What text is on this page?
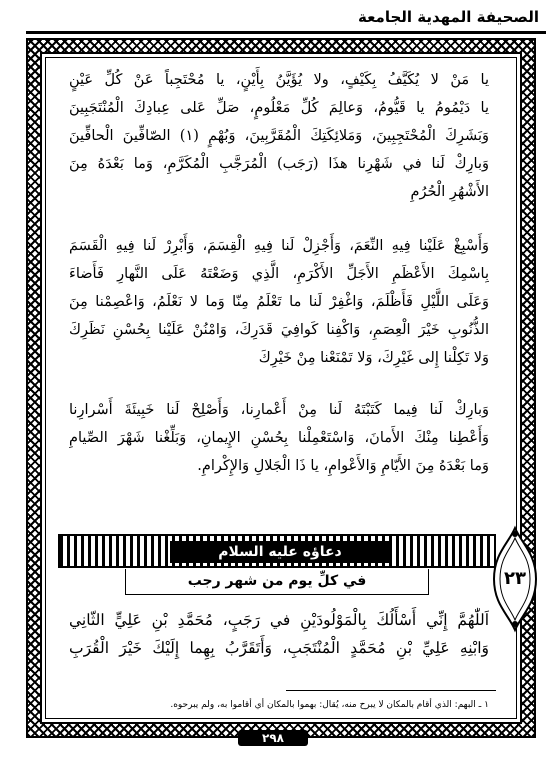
الصحيفة المهدية الجامعة
يا مَنْ لا يُكَيَّفُ بِكَيْفٍ، ولا يُؤَيَّنُ بِأَيْنٍ، يا مُحْتَجِباً عَنْ كُلِّ عَيْنٍ
يا دَيْمُومُ يا قَيُّومُ، وَعالِمَ كُلِّ مَعْلُومٍ، صَلِّ عَلى عِبادِكَ الْمُنْتَجَبِينَ
وَبَشَرِكَ الْمُحْتَجِبِينَ، وَمَلائِكَتِكَ الْمُقَرَّبِينَ، وَبُهْمٍ (١) الصّافِّينَ الْحافِّينَ
وَبارِكْ لَنا في شَهْرِنا هذَا (رَجَب) الْمُرَجَّبِ الْمُكَرَّمِ، وَما بَعْدَهُ مِنَ
الأَشْهُرِ الْحُرُمِ
وَأَسْبِغْ عَلَيْنا فِيهِ النِّعَمَ، وَأَجْزِلْ لَنا فِيهِ الْقِسَمَ، وَأَبْرِرْ لَنا فِيهِ الْقَسَمَ
بِاسْمِكَ الأَعْظَمِ الأَجَلِّ الأَكْرَمِ، الَّذِي وَضَعْتَهُ عَلَى النَّهارِ فَأَضاءَ
وَعَلَى اللَّيْلِ فَأَظْلَمَ، وَاغْفِرْ لَنا ما تَعْلَمُ مِنّا وَما لا نَعْلَمُ، وَاعْصِمْنا مِنَ
الذُّنُوبِ خَيْرَ الْعِصَمِ، وَاكْفِنا كَوافِيَ قَدَرِكَ، وَامْنُنْ عَلَيْنا بِحُسْنِ نَظَرِكَ
وَلا تَكِلْنا إِلى غَيْرِكَ، وَلا تَمْنَعْنا مِنْ خَيْرِكَ
وَبارِكْ لَنا فِيما كَتَبْتَهُ لَنا مِنْ أَعْمارِنا، وَأَصْلِحْ لَنا خَبِيئَةَ أَسْرارِنا
وَأَعْطِنا مِنْكَ الأَمانَ، وَاسْتَعْمِلْنا بِحُسْنِ الإِيمانِ، وَبَلِّغْنا شَهْرَ الصِّيامِ
وَما بَعْدَهُ مِنَ الأَيّامِ وَالأَعْوامِ، يا ذَا الْجَلالِ وَالإِكْرامِ.
دعاؤه عليه السلام
في كلِّ يوم من شهر رجب	٢٣
اَللّٰهُمَّ إِنِّي أَسْأَلُكَ بِالْمَوْلُودَيْنِ في رَجَبٍ، مُحَمَّدِ بْنِ عَلِيٍّ الثّانِي
وَابْنِهِ عَلِيِّ بْنِ مُحَمَّدٍ الْمُنْتَجَبِ، وَأَتَقَرَّبُ بِهِما إِلَيْكَ خَيْرَ الْقُرَبِ
١ ـ البهم: الذي أقام بالمكان لا يبرح منه، يُقال: بهموا بالمكان أي أقاموا به، ولم يبرحوه.
٢٩٨
